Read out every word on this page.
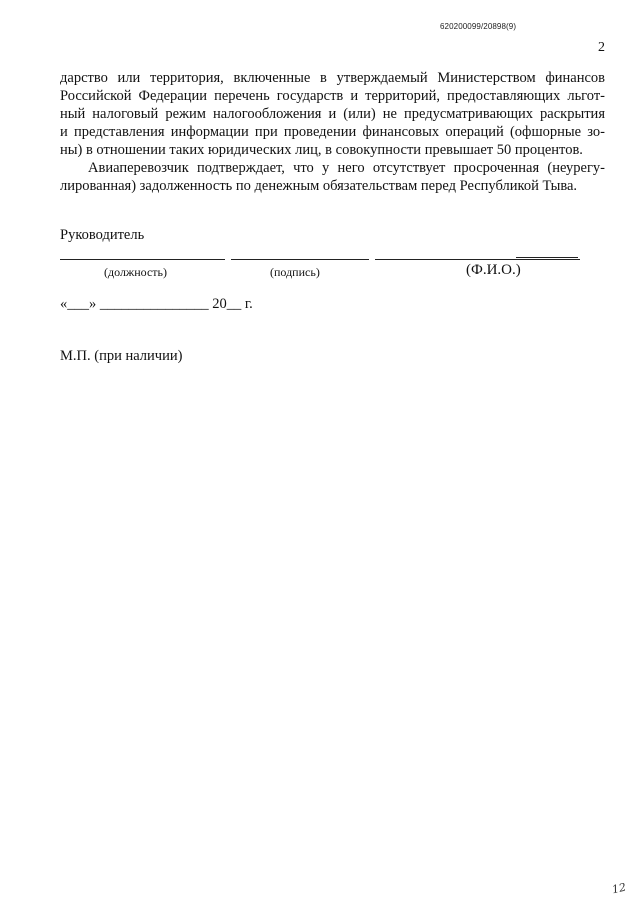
620200099/20898(9)
2
дарство или территория, включенные в утверждаемый Министерством финансов
Российской Федерации перечень государств и территорий, предоставляющих льгот-
ный налоговый режим налогообложения и (или) не предусматривающих раскрытия
и представления информации при проведении финансовых операций (офшорные зо-
ны) в отношении таких юридических лиц, в совокупности превышает 50 процентов.
Авиаперевозчик подтверждает, что у него отсутствует просроченная (неурегу-
лированная) задолженность по денежным обязательствам перед Республикой Тыва.
Руководитель
(должность)	(подпись)	(Ф.И.О.)
«___» _______________ 20__ г.
М.П. (при наличии)
12
